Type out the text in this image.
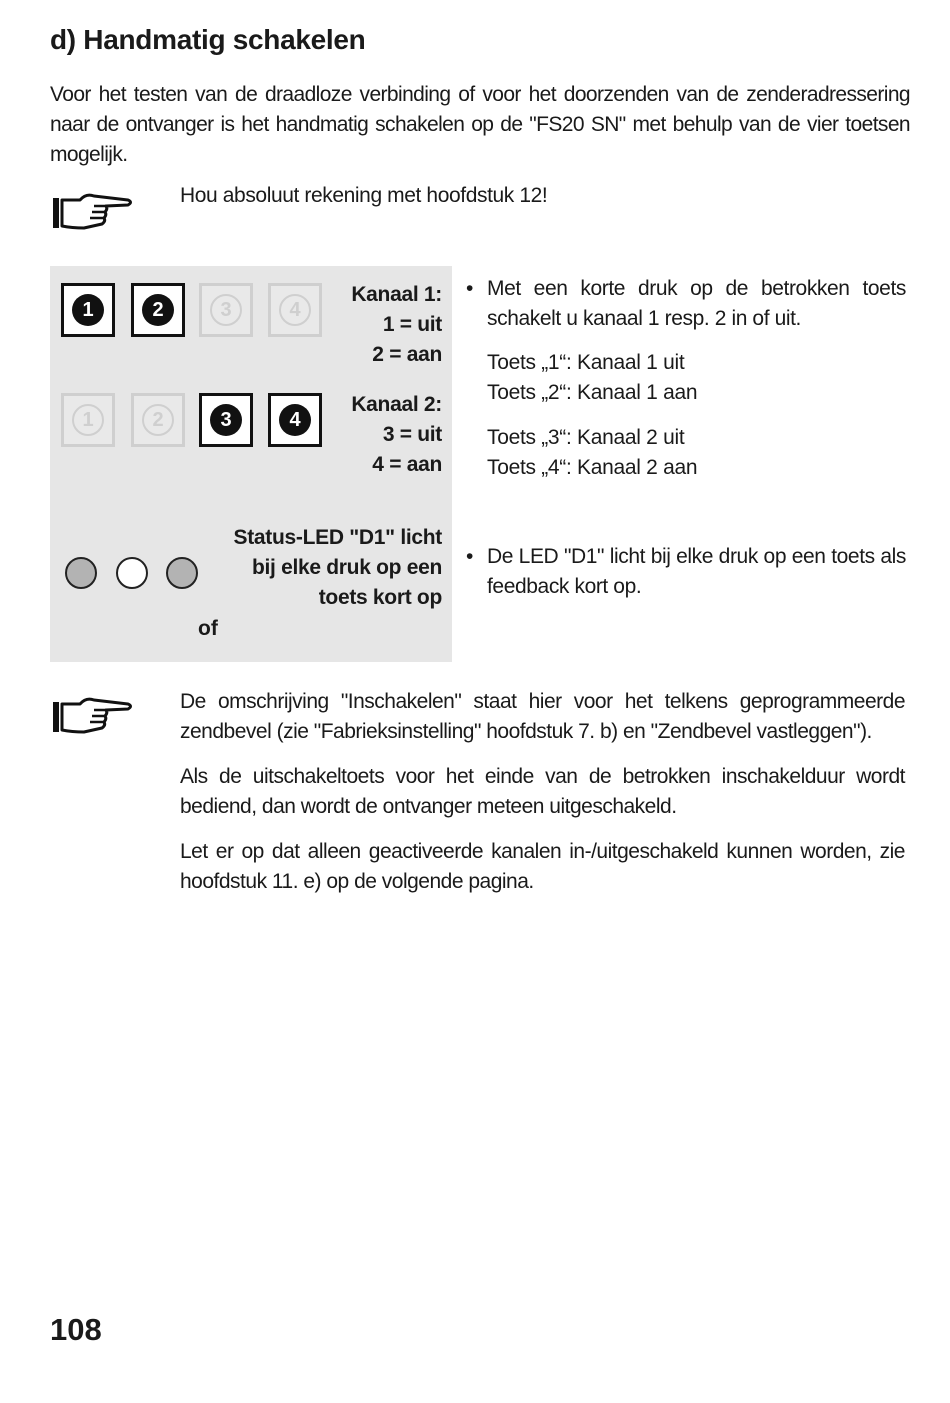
d) Handmatig schakelen

Voor het testen van de draadloze verbinding of voor het doorzenden van de zenderadressering naar de ontvanger is het handmatig schakelen op de "FS20 SN" met behulp van de vier toetsen mogelijk.

Hou absoluut rekening met hoofdstuk 12!

1	2	3	4
of
1	2	3	4
Kanaal 1:
1 = uit
2 = aan
Kanaal 2:
3 = uit
4 = aan
Status-LED "D1" licht
bij elke druk op een
toets kort op
• Met een korte druk op de betrokken toets schakelt u kanaal 1 resp. 2 in of uit.
Toets „1“: Kanaal 1 uit
Toets „2“: Kanaal 1 aan
Toets „3“: Kanaal 2 uit
Toets „4“: Kanaal 2 aan
• De LED "D1" licht bij elke druk op een toets als feedback kort op.

De omschrijving "Inschakelen" staat hier voor het telkens geprogrammeerde zendbevel (zie "Fabrieksinstelling" hoofdstuk 7. b) en "Zendbevel vastleggen").

Als de uitschakeltoets voor het einde van de betrokken inschakelduur wordt bediend, dan wordt de ontvanger meteen uitgeschakeld.

Let er op dat alleen geactiveerde kanalen in-/uitgeschakeld kunnen worden, zie hoofdstuk 11. e) op de volgende pagina.

108
